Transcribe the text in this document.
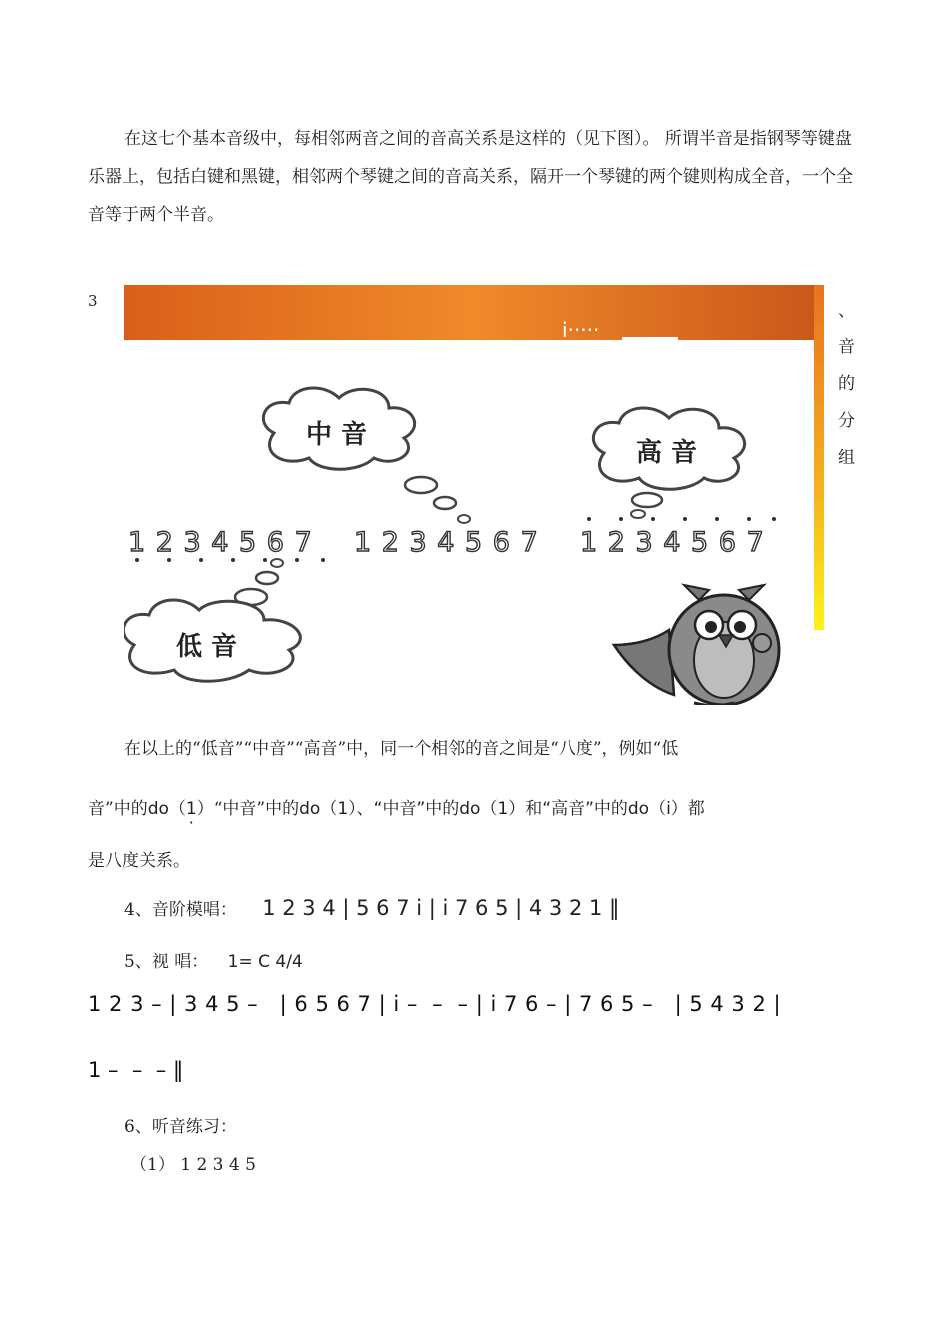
在这七个基本音级中，每相邻两音之间的音高关系是这样的（见下图）。 所谓半音是指钢琴等键盘乐器上，包括白键和黑键，相邻两个琴键之间的音高关系，隔开一个琴键的两个键则构成全音，一个全音等于两个半音。

3	、
音
的
分
组
i·····
中 音
高 音
1 2 3 4 5 6 7 1 2 3 4 5 6 7 1 2 3 4 5 6 7
低 音

在以上的“低音”“中音”“高音”中，同一个相邻的音之间是“八度”，例如“低

音”中的do（1 ·）“中音”中的do（1）、“中音”中的do（1）和“高音”中的do（i）都

是八度关系。

4、音阶模唱： 1 2 3 4 | 5 6 7 i | i 7 6 5 | 4 3 2 1 ‖
5、视 唱： 1= C 4/4
1 2 3 – | 3 4 5 –   | 6 5 6 7 | i –  –  – | i 7 6 – | 7 6 5 –   | 5 4 3 2 |
1 –  –  – ‖

6、听音练习：

（1） 1 2 3 4 5
